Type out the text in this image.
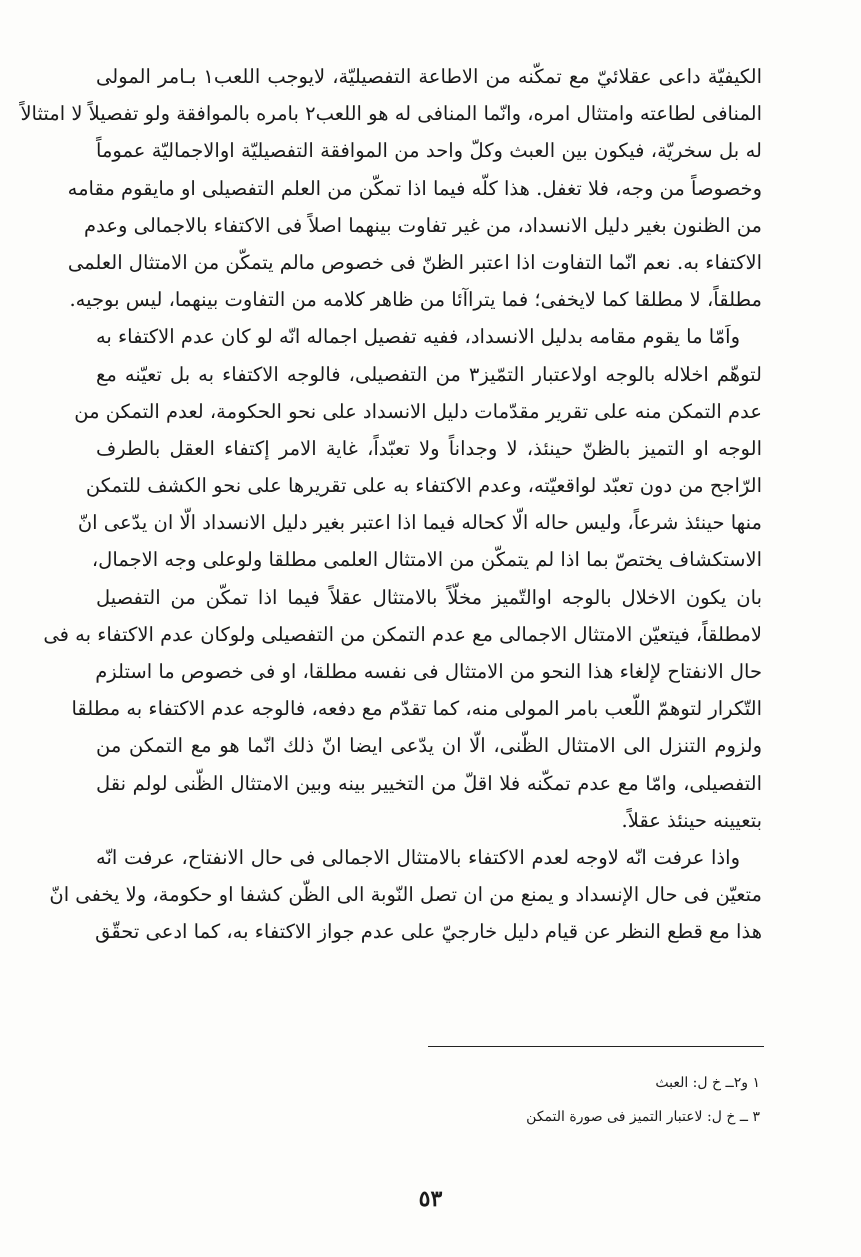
الكيفيّة داعى عقلائيّ مع تمكّنه من الاطاعة التفصيليّة، لايوجب اللعب١ بـامر المولى
المنافى لطاعته وامتثال امره، وانّما المنافى له هو اللعب٢ بامره بالموافقة ولو تفصيلاً لا امتثالاً
له بل سخريّة، فيكون بين العبث وكلّ واحد من الموافقة التفصيليّة اوالاجماليّة عموماً
وخصوصاً من وجه، فلا تغفل. هذا كلّه فيما اذا تمكّن من العلم التفصيلى او مايقوم مقامه
من الظنون بغير دليل الانسداد، من غير تفاوت بينهما اصلاً فى الاكتفاء بالاجمالى وعدم
الاكتفاء به. نعم انّما التفاوت اذا اعتبر الظنّ فى خصوص مالم يتمكّن من الامتثال العلمى
مطلقاً، لا مطلقا كما لايخفى؛ فما يتراآئا من ظاهر كلامه من التفاوت بينهما، ليس بوجيه.
واَمّا ما يقوم مقامه بدليل الانسداد، ففيه تفصيل اجماله انّه لو كان عدم الاكتفاء به
لتوهّم اخلاله بالوجه اولاعتبار التمّيز٣ من التفصيلى، فالوجه الاكتفاء به بل تعيّنه مع
عدم التمكن منه على تقرير مقدّمات دليل الانسداد على نحو الحكومة، لعدم التمكن من
الوجه او التميز بالظنّ حينئذ، لا وجداناً ولا تعبّداً، غاية الامر إكتفاء العقل بالطرف
الرّاجح من دون تعبّد لواقعيّته، وعدم الاكتفاء به على تقريرها على نحو الكشف للتمكن
منها حينئذ شرعاً، وليس حاله الّا كحاله فيما اذا اعتبر بغير دليل الانسداد الّا ان يدّعى انّ
الاستكشاف يختصّ بما اذا لم يتمكّن من الامتثال العلمى مطلقا ولوعلى وجه الاجمال،
بان يكون الاخلال بالوجه اوالتّميز مخلّاً بالامتثال عقلاً فيما اذا تمكّن من التفصيل
لامطلقاً، فيتعيّن الامتثال الاجمالى مع عدم التمكن من التفصيلى ولوكان عدم الاكتفاء به فى
حال الانفتاح لإلغاء هذا النحو من الامتثال فى نفسه مطلقا، او فى خصوص ما استلزم
التّكرار لتوهمّ اللّعب بامر المولى منه، كما تقدّم مع دفعه، فالوجه عدم الاكتفاء به مطلقا
ولزوم التنزل الى الامتثال الظّنى، الّا ان يدّعى ايضا انّ ذلك انّما هو مع التمكن من
التفصيلى، وامّا مع عدم تمكّنه فلا اقلّ من التخيير بينه وبين الامتثال الظّنى لولم نقل
بتعيينه حينئذ عقلاً.
واذا عرفت انّه لاوجه لعدم الاكتفاء بالامتثال الاجمالى فى حال الانفتاح، عرفت انّه
متعيّن فى حال الإنسداد و يمنع من ان تصل النّوبة الى الظّن كشفا او حكومة، ولا يخفى انّ
هذا مع قطع النظر عن قيام دليل خارجيّ على عدم جواز الاكتفاء به، كما ادعى تحقّق
١ و٢ــ خ ل: العبث
٣ ــ خ ل: لاعتبار التميز فى صورة التمكن
٥٣
